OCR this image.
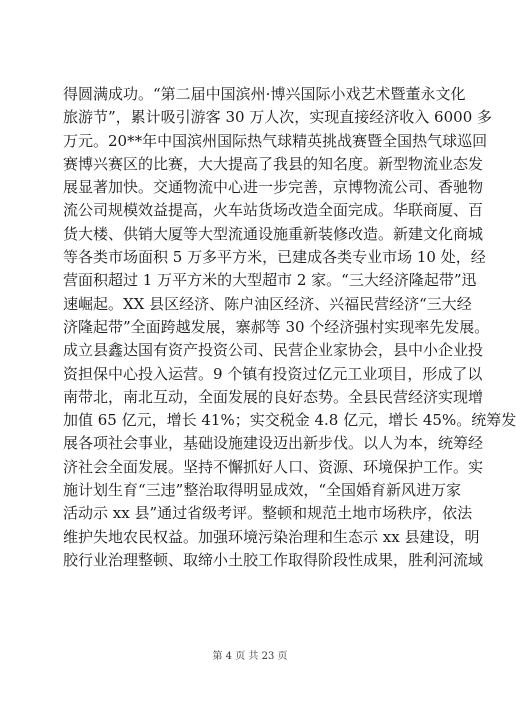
得圆满成功。“第二届中国滨州·博兴国际小戏艺术暨董永文化
旅游节”，累计吸引游客 30 万人次，实现直接经济收入 6000 多
万元。20**年中国滨州国际热气球精英挑战赛暨全国热气球巡回
赛博兴赛区的比赛，大大提高了我县的知名度。新型物流业态发
展显著加快。交通物流中心进一步完善，京博物流公司、香驰物
流公司规模效益提高，火车站货场改造全面完成。华联商厦、百
货大楼、供销大厦等大型流通设施重新装修改造。新建文化商城
等各类市场面积 5 万多平方米，已建成各类专业市场 10 处，经
营面积超过 1 万平方米的大型超市 2 家。“三大经济隆起带”迅
速崛起。XX 县区经济、陈户油区经济、兴福民营经济“三大经
济隆起带”全面跨越发展，寨郝等 30 个经济强村实现率先发展。
成立县鑫达国有资产投资公司、民营企业家协会，县中小企业投
资担保中心投入运营。9 个镇有投资过亿元工业项目，形成了以
南带北，南北互动，全面发展的良好态势。全县民营经济实现增
加值 65 亿元，增长 41%；实交税金 4.8 亿元，增长 45%。统筹发
展各项社会事业，基础设施建设迈出新步伐。以人为本，统筹经
济社会全面发展。坚持不懈抓好人口、资源、环境保护工作。实
施计划生育“三违”整治取得明显成效，“全国婚育新风进万家
活动示 xx 县”通过省级考评。整顿和规范土地市场秩序，依法
维护失地农民权益。加强环境污染治理和生态示 xx 县建设，明
胶行业治理整顿、取缔小土胶工作取得阶段性成果，胜利河流域
第 4 页 共 23 页
